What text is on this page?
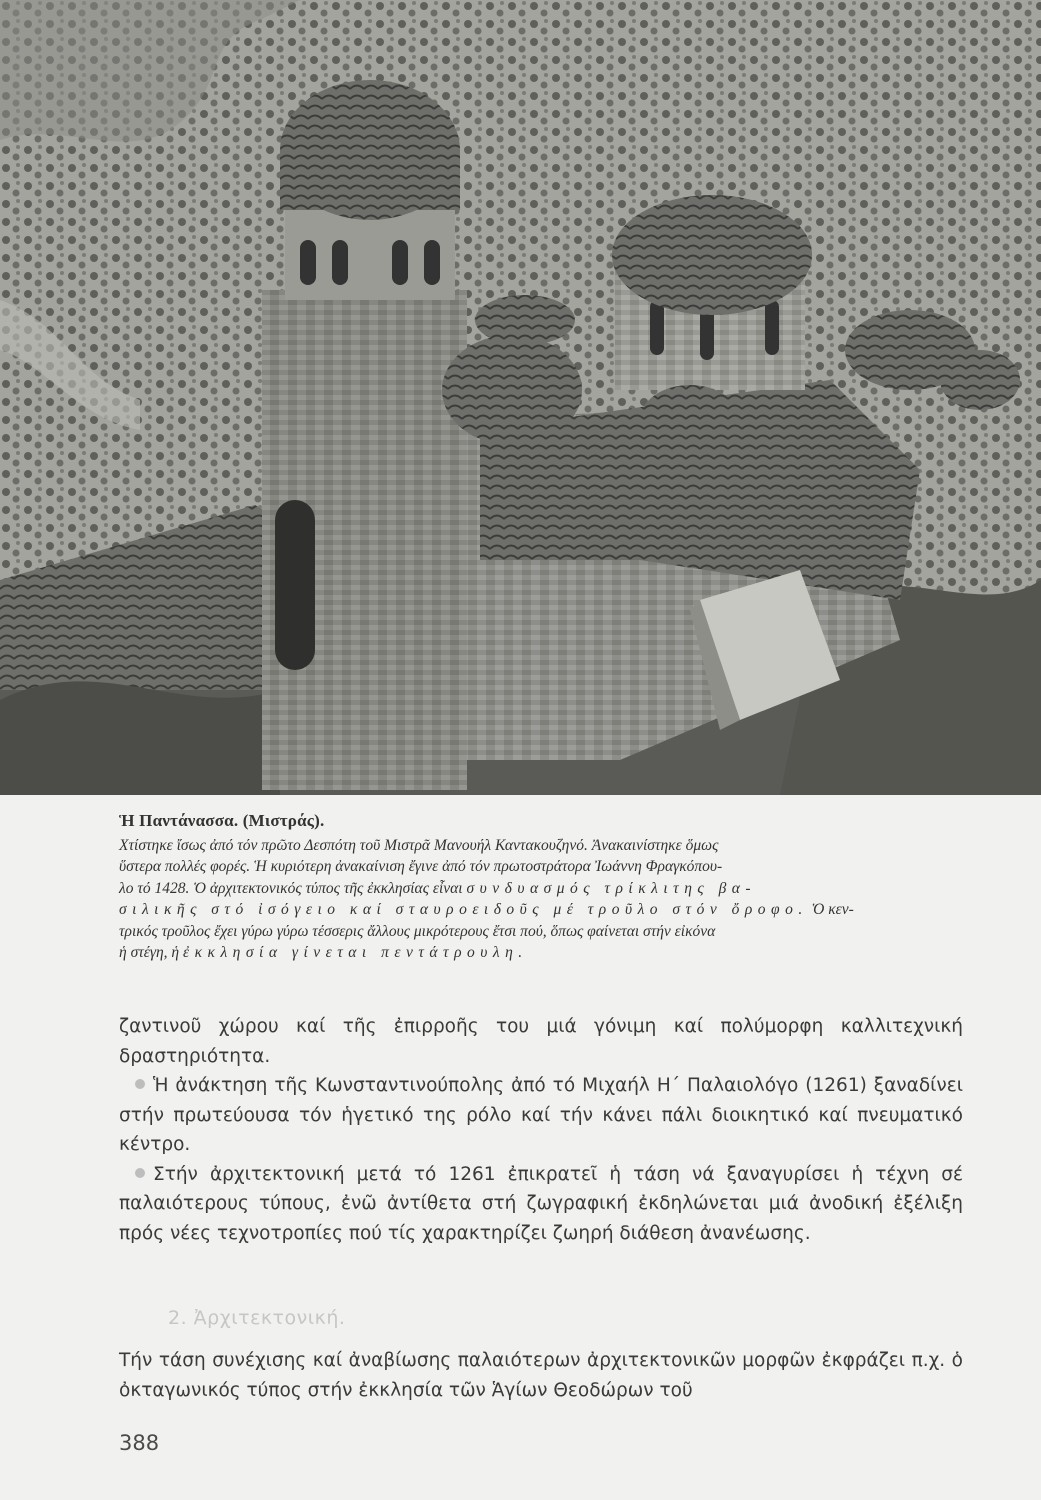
Ἡ Παντάνασσα. (Μιστράς).

Χτίστηκε ἴσως ἀπό τόν πρῶτο Δεσπότη τοῦ Μιστρᾶ Μανουήλ Καντακουζηνό. Ἀνακαινίστηκε ὅμως
ὕστερα πολλές φορές. Ἡ κυριότερη ἀνακαίνιση ἔγινε ἀπό τόν πρωτοστράτορα Ἰωάννη Φραγκόπου-
λο τό 1428. Ὁ ἀρχιτεκτονικός τύπος τῆς ἐκκλησίας εἶναι συνδυασμός τρίκλιτης βα-
σιλικῆς στό ἰσόγειο καί σταυροειδοῦς μέ τροῦλο στόν ὄροφο. Ὁ κεν-
τρικός τροῦλος ἔχει γύρω γύρω τέσσερις ἄλλους μικρότερους ἔτσι πού, ὅπως φαίνεται στήν εἰκόνα
ἡ στέγη, ἡ ἐκκλησία γίνεται πεντάτρουλη.

ζαντινοῦ χώρου καί τῆς ἐπιρροῆς του μιά γόνιμη καί πολύμορφη καλλιτεχνική δραστηριότητα.

Ἡ ἀνάκτηση τῆς Κωνσταντινούπολης ἀπό τό Μιχαήλ Η΄ Παλαιολόγο (1261) ξαναδίνει στήν πρωτεύουσα τόν ἡγετικό της ρόλο καί τήν κάνει πάλι διοικητικό καί πνευματικό κέντρο.

Στήν ἀρχιτεκτονική μετά τό 1261 ἐπικρατεῖ ἡ τάση νά ξαναγυρίσει ἡ τέχνη σέ παλαιότερους τύπους, ἐνῶ ἀντίθετα στή ζωγραφική ἐκδηλώνεται μιά ἀνοδική ἐξέλιξη πρός νέες τεχνοτροπίες πού τίς χαρακτηρίζει ζωηρή διάθεση ἀνανέωσης.

2. Ἀρχιτεκτονική.

Τήν τάση συνέχισης καί ἀναβίωσης παλαιότερων ἀρχιτεκτονικῶν μορφῶν ἐκφράζει π.χ. ὁ ὀκταγωνικός τύπος στήν ἐκκλησία τῶν Ἁγίων Θεοδώρων τοῦ

388
